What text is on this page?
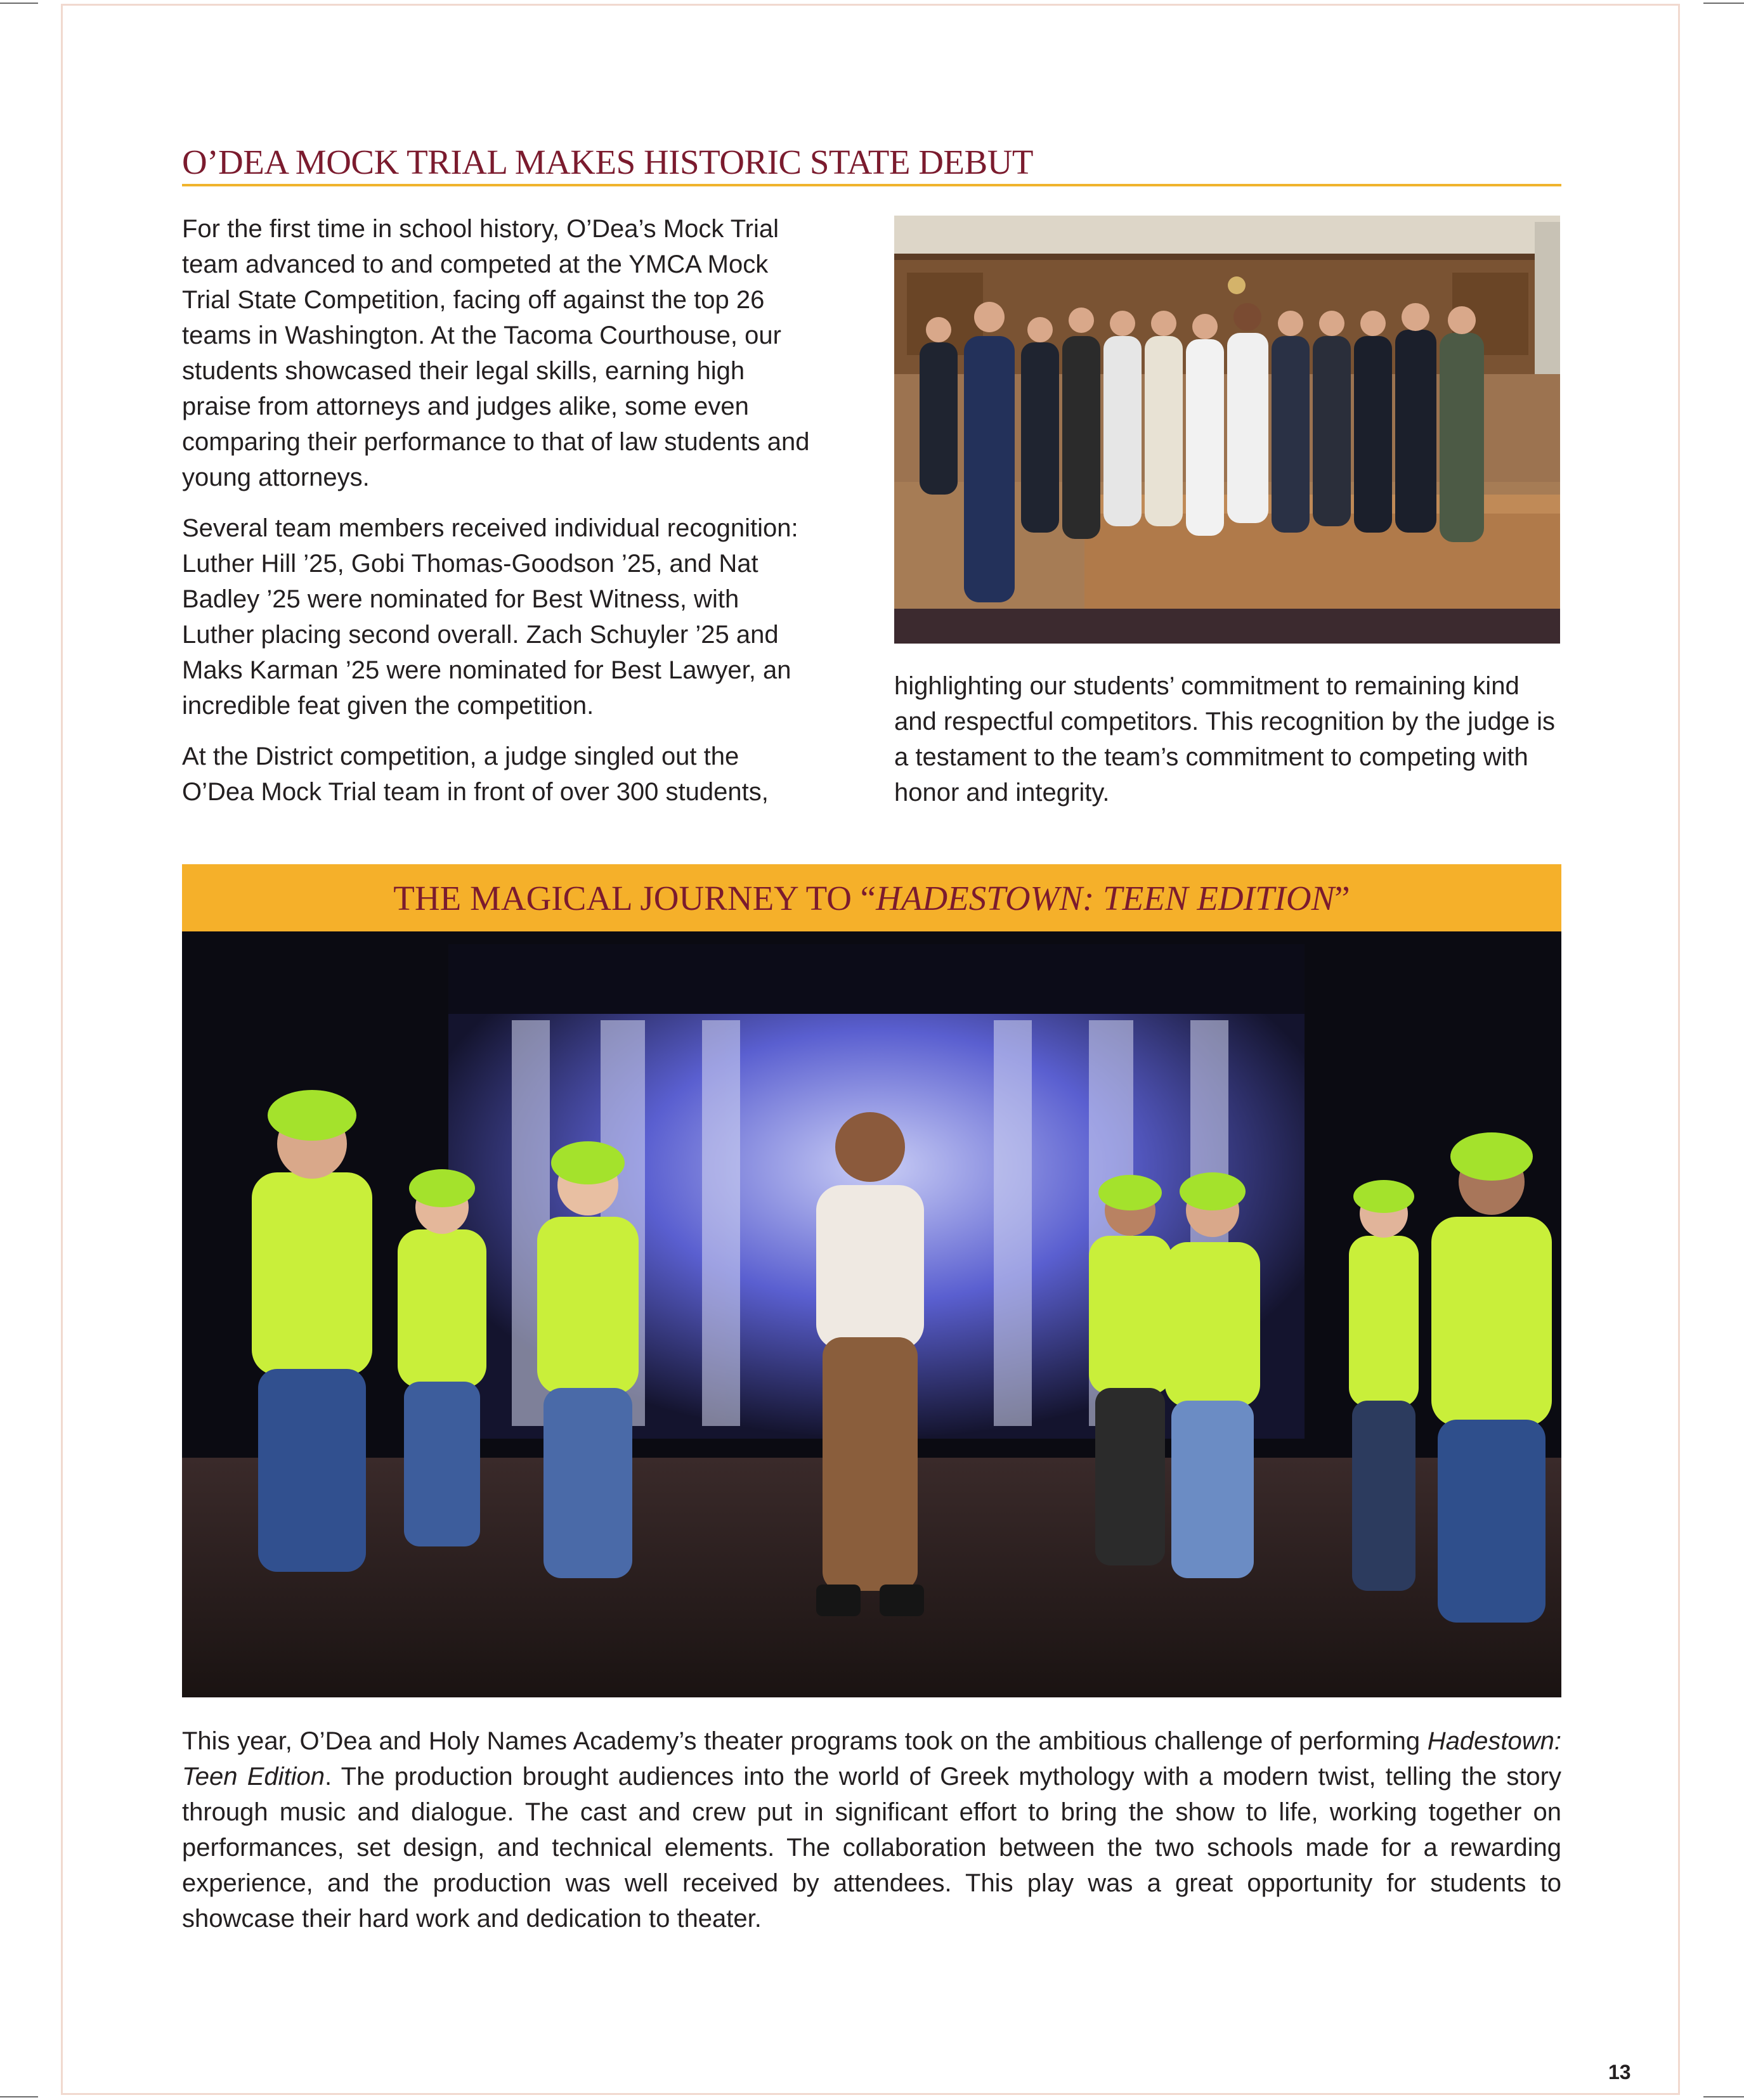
O’DEA MOCK TRIAL MAKES HISTORIC STATE DEBUT

For the first time in school history, O’Dea’s Mock Trial team advanced to and competed at the YMCA Mock Trial State Competition, facing off against the top 26 teams in Washington. At the Tacoma Courthouse, our students showcased their legal skills, earning high praise from attorneys and judges alike, some even comparing their performance to that of law students and young attorneys.

Several team members received individual recognition: Luther Hill ’25, Gobi Thomas-Goodson ’25, and Nat Badley ’25 were nominated for Best Witness, with Luther placing second overall. Zach Schuyler ’25 and Maks Karman ’25 were nominated for Best Lawyer, an incredible feat given the competition.

At the District competition, a judge singled out the O’Dea Mock Trial team in front of over 300 students,

highlighting our students’ commitment to remaining kind and respectful competitors. This recognition by the judge is a testament to the team’s commitment to competing with honor and integrity.

THE MAGICAL JOURNEY TO “ HADESTOWN: TEEN EDITION ”
This year, O’Dea and Holy Names Academy’s theater programs took on the ambitious challenge of performing Hadestown: Teen Edition. The production brought audiences into the world of Greek mythology with a modern twist, telling the story through music and dialogue. The cast and crew put in significant effort to bring the show to life, working together on performances, set design, and technical elements. The collaboration between the two schools made for a rewarding experience, and the production was well received by attendees. This play was a great opportunity for students to showcase their hard work and dedication to theater.
13
